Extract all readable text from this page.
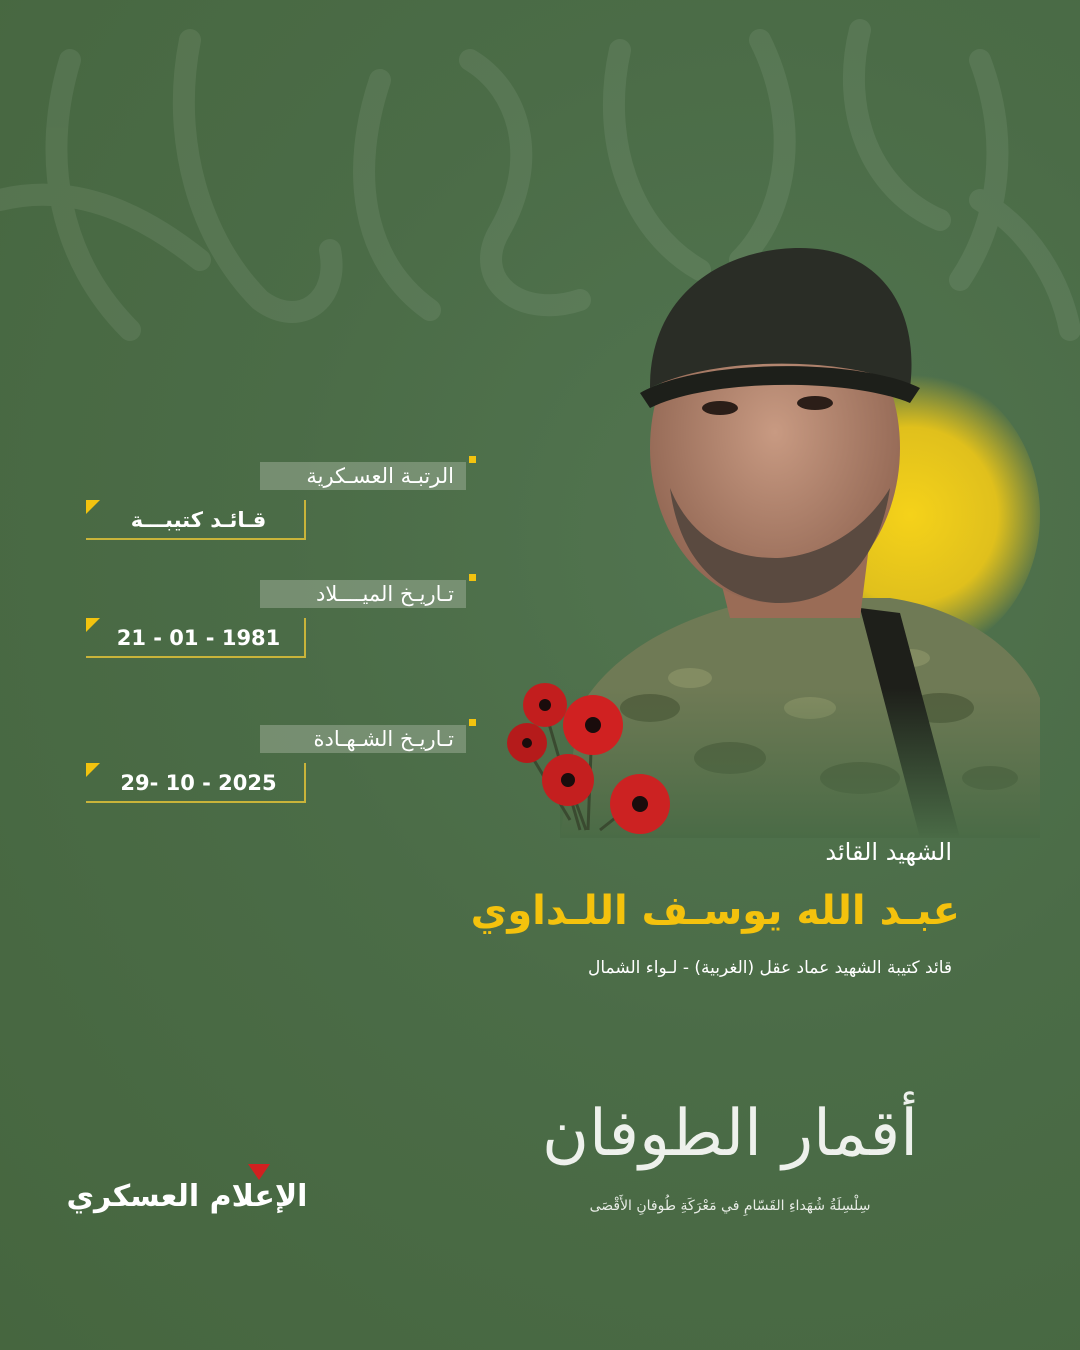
الرتبـة العسـكرية
قـائـد كتيبـــة
تـاريـخ الميــــلاد
21 - 01 - 1981
تـاريـخ الشـهـادة
29- 10 - 2025
الشهيد القائد
عبـد الله يوسـف اللـداوي
قائد كتيبة الشهيد عماد عقل (الغربية) - لـواء الشمال
أقمار الطوفان
سِلْسِلَةُ شُهَداءِ القَسّامِ في مَعْرَكَةِ طُوفانِ الأَقْصَى
الإعلام العسكري
